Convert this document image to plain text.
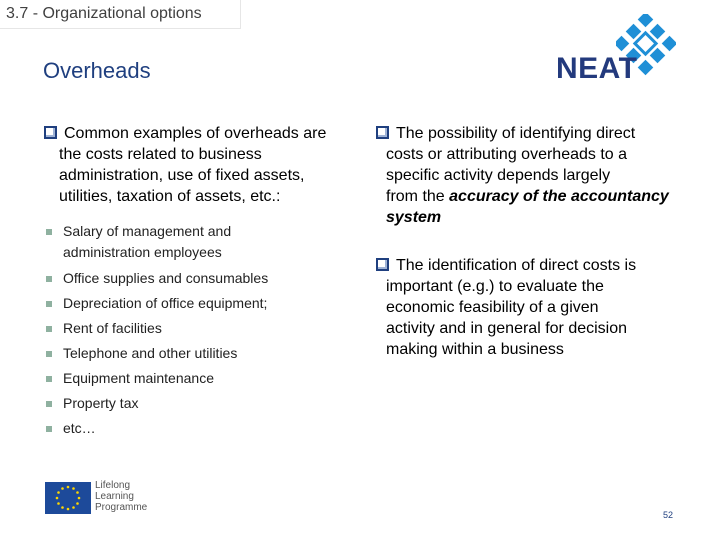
3.7 - Organizational options
Overheads	NEAT
Common examples of overheads are
the costs related to business
administration, use of fixed assets,
utilities, taxation of assets, etc.:
Salary of management and administration employees
Office supplies and consumables
Depreciation of office equipment;
Rent of facilities
Telephone and other utilities
Equipment maintenance
Property tax
etc…
The possibility of identifying direct
costs or attributing overheads to a
specific activity depends largely
from the accuracy of the accountancy system
The identification of direct costs is
important (e.g.) to evaluate the
economic feasibility of a given
activity and in general for decision
making within a business
Lifelong
Learning
Programme
52
